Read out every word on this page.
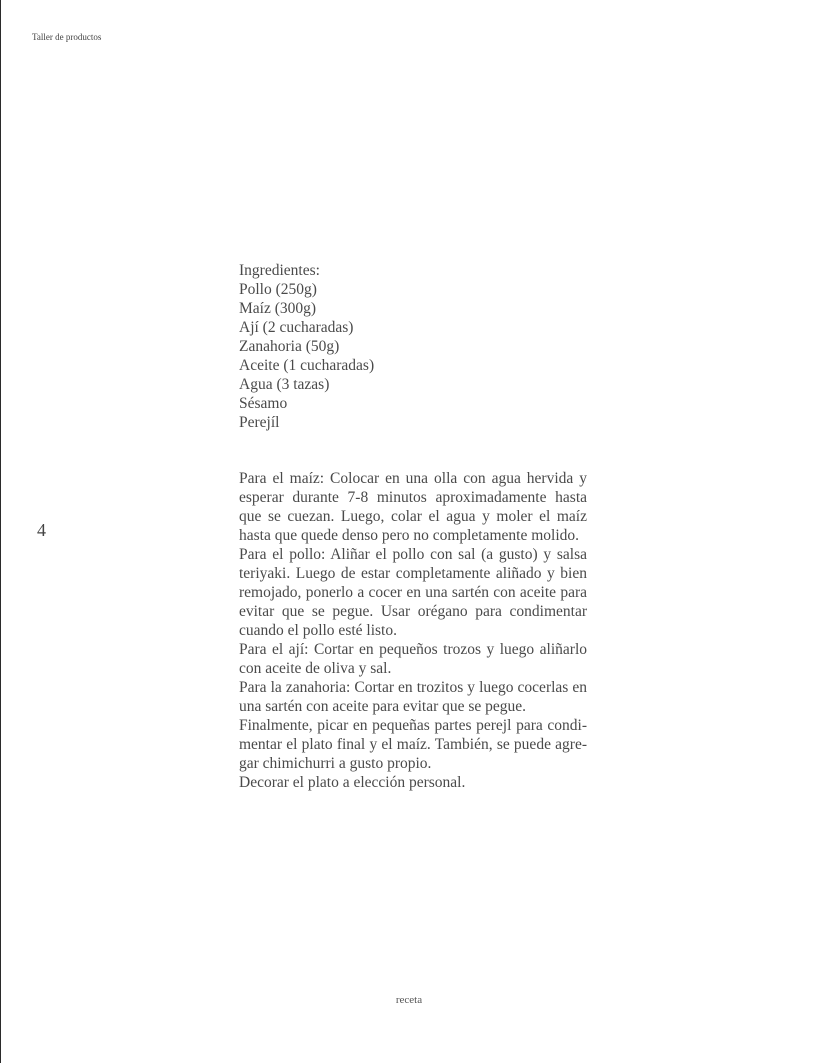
Taller de productos
4
Ingredientes:
Pollo (250g)
Maíz (300g)
Ají (2 cucharadas)
Zanahoria (50g)
Aceite (1 cucharadas)
Agua (3 tazas)
Sésamo
Perejíl

Para el maíz: Colocar en una olla con agua hervida y esperar durante 7-8 minutos aproximadamente hasta que se cuezan. Luego, colar el agua y moler el maíz hasta que quede denso pero no completamente molido.

Para el pollo: Aliñar el pollo con sal (a gusto) y salsa teriyaki. Luego de estar completamente aliñado y bien remojado, ponerlo a cocer en una sartén con aceite para evitar que se pegue. Usar orégano para condimentar cuando el pollo esté listo.

Para el ají: Cortar en pequeños trozos y luego aliñarlo con aceite de oliva y sal.

Para la zanahoria: Cortar en trozitos y luego cocerlas en una sartén con aceite para evitar que se pegue.

Finalmente, picar en pequeñas partes perejl para condimentar el plato final y el maíz. También, se puede agregar chimichurri a gusto propio.

Decorar el plato a elección personal.

receta
